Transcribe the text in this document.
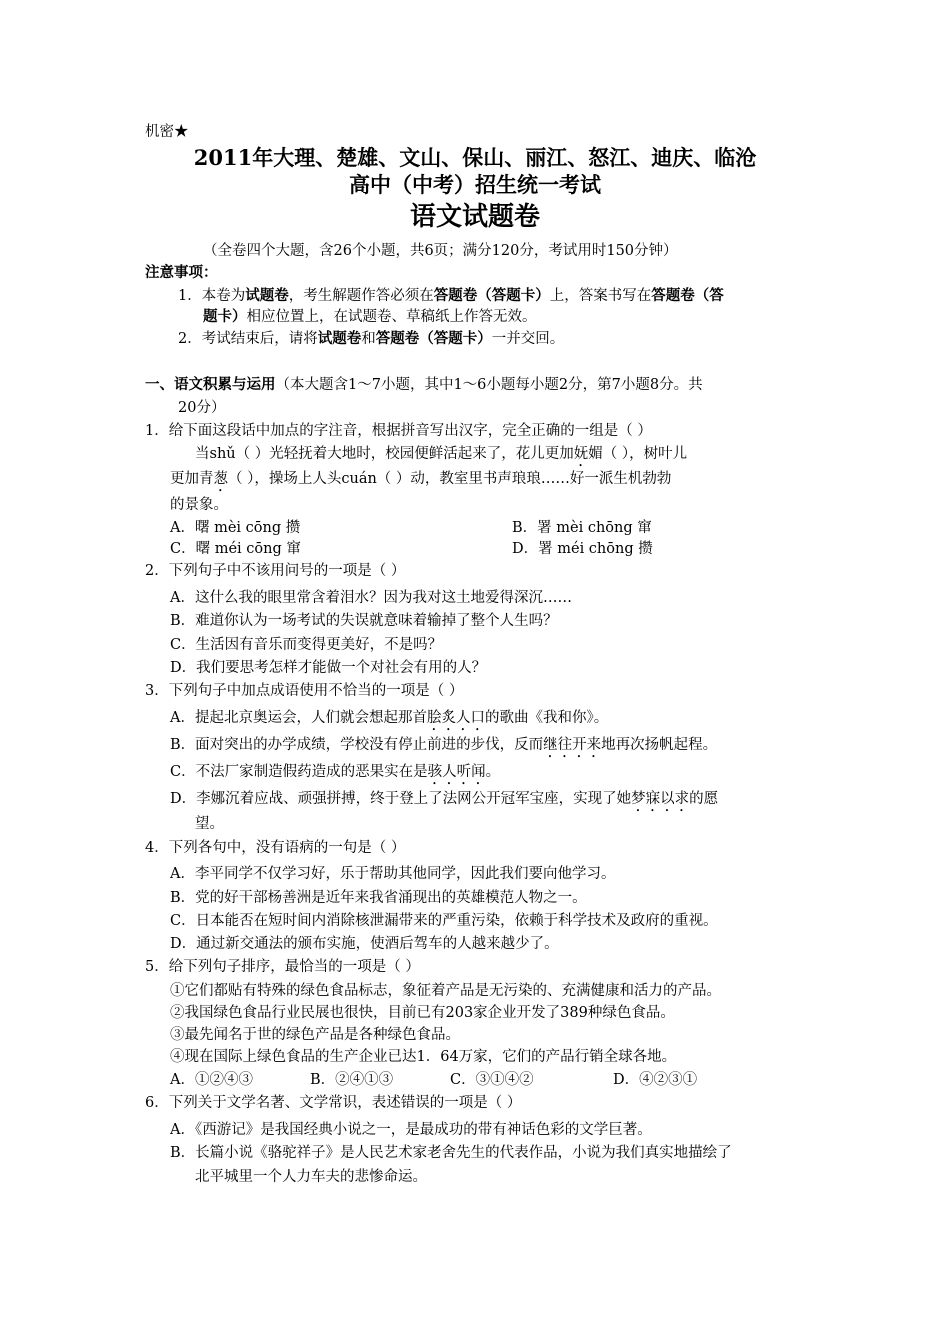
机密★
2011年大理、楚雄、文山、保山、丽江、怒江、迪庆、临沧
高中（中考）招生统一考试
语文试题卷
（全卷四个大题，含26个小题，共6页；满分120分，考试用时150分钟）
注意事项：
1．本卷为试题卷，考生解题作答必须在答题卷（答题卡）上，答案书写在答题卷（答
题卡）相应位置上，在试题卷、草稿纸上作答无效。
2．考试结束后，请将试题卷和答题卷（答题卡）一并交回。
一、语文积累与运用（本大题含1～7小题，其中1～6小题每小题2分，第7小题8分。共
20分）
1．给下面这段话中加点的字注音，根据拼音写出汉字，完全正确的一组是（ ）
当shǔ（ ）光轻抚着大地时，校园便鲜活起来了，花儿更加妩媚（ ），树叶儿
更加青葱（ ），操场上人头cuán（ ）动，教室里书声琅琅……好一派生机勃勃
的景象。
A．曙 mèi cōng 攒	B．署 mèi chōng 窜
C．曙 méi cōng 窜	D．署 méi chōng 攒
2．下列句子中不该用问号的一项是（ ）
A．这什么我的眼里常含着泪水？因为我对这土地爱得深沉……
B．难道你认为一场考试的失误就意味着输掉了整个人生吗？
C．生活因有音乐而变得更美好，不是吗？
D．我们要思考怎样才能做一个对社会有用的人？
3．下列句子中加点成语使用不恰当的一项是（ ）
A．提起北京奥运会，人们就会想起那首脍炙人口的歌曲《我和你》。
B．面对突出的办学成绩，学校没有停止前进的步伐，反而继往开来地再次扬帆起程。
C．不法厂家制造假药造成的恶果实在是骇人听闻。
D．李娜沉着应战、顽强拼搏，终于登上了法网公开冠军宝座，实现了她梦寐以求的愿
望。
4．下列各句中，没有语病的一句是（ ）
A．李平同学不仅学习好，乐于帮助其他同学，因此我们要向他学习。
B．党的好干部杨善洲是近年来我省涌现出的英雄模范人物之一。
C．日本能否在短时间内消除核泄漏带来的严重污染，依赖于科学技术及政府的重视。
D．通过新交通法的颁布实施，使酒后驾车的人越来越少了。
5．给下列句子排序，最恰当的一项是（ ）
①它们都贴有特殊的绿色食品标志，象征着产品是无污染的、充满健康和活力的产品。
②我国绿色食品行业民展也很快，目前已有203家企业开发了389种绿色食品。
③最先闻名于世的绿色产品是各种绿色食品。
④现在国际上绿色食品的生产企业已达1．64万家，它们的产品行销全球各地。
A．①②④③	B．②④①③	C．③①④②	D．④②③①
6．下列关于文学名著、文学常识，表述错误的一项是（ ）
A．《西游记》是我国经典小说之一，是最成功的带有神话色彩的文学巨著。
B．长篇小说《骆驼祥子》是人民艺术家老舍先生的代表作品，小说为我们真实地描绘了
北平城里一个人力车夫的悲惨命运。
